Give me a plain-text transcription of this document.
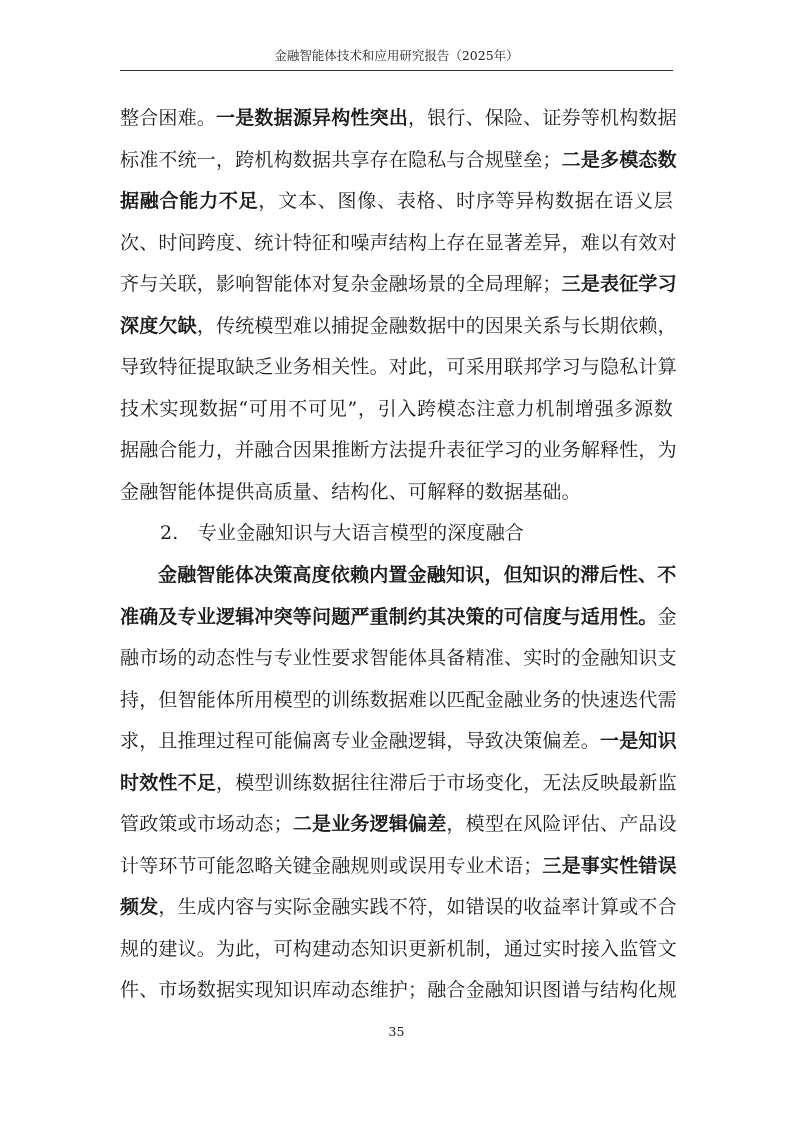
金融智能体技术和应用研究报告（2025年）
整合困难。一是数据源异构性突出，银行、保险、证券等机构数据
标准不统一，跨机构数据共享存在隐私与合规壁垒；二是多模态数
据融合能力不足，文本、图像、表格、时序等异构数据在语义层
次、时间跨度、统计特征和噪声结构上存在显著差异，难以有效对
齐与关联，影响智能体对复杂金融场景的全局理解；三是表征学习
深度欠缺，传统模型难以捕捉金融数据中的因果关系与长期依赖，
导致特征提取缺乏业务相关性。对此，可采用联邦学习与隐私计算
技术实现数据“可用不可见”，引入跨模态注意力机制增强多源数
据融合能力，并融合因果推断方法提升表征学习的业务解释性，为
金融智能体提供高质量、结构化、可解释的数据基础。
2.　专业金融知识与大语言模型的深度融合
金融智能体决策高度依赖内置金融知识，但知识的滞后性、不
准确及专业逻辑冲突等问题严重制约其决策的可信度与适用性。金
融市场的动态性与专业性要求智能体具备精准、实时的金融知识支
持，但智能体所用模型的训练数据难以匹配金融业务的快速迭代需
求，且推理过程可能偏离专业金融逻辑，导致决策偏差。一是知识
时效性不足，模型训练数据往往滞后于市场变化，无法反映最新监
管政策或市场动态；二是业务逻辑偏差，模型在风险评估、产品设
计等环节可能忽略关键金融规则或误用专业术语；三是事实性错误
频发，生成内容与实际金融实践不符，如错误的收益率计算或不合
规的建议。为此，可构建动态知识更新机制，通过实时接入监管文
件、市场数据实现知识库动态维护；融合金融知识图谱与结构化规
35
